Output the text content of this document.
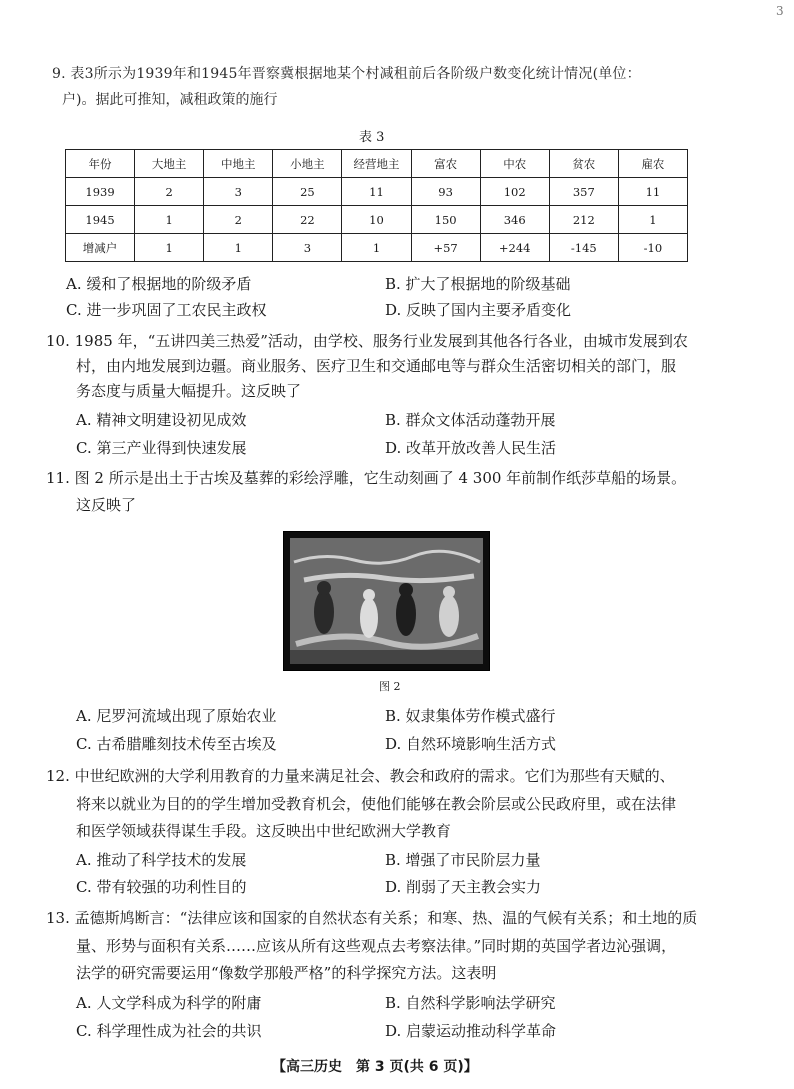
3
9. 表3所示为1939年和1945年晋察冀根据地某个村减租前后各阶级户数变化统计情况(单位：
户)。据此可推知，减租政策的施行
表 3
年份	大地主	中地主	小地主	经营地主	富农	中农	贫农	雇农
1939	2	3	25	11	93	102	357	11
1945	1	2	22	10	150	346	212	1
增减户	1	1	3	1	+57	+244	-145	-10
A. 缓和了根据地的阶级矛盾	B. 扩大了根据地的阶级基础
C. 进一步巩固了工农民主政权	D. 反映了国内主要矛盾变化
10. 1985 年，“五讲四美三热爱”活动，由学校、服务行业发展到其他各行各业，由城市发展到农
村，由内地发展到边疆。商业服务、医疗卫生和交通邮电等与群众生活密切相关的部门，服
务态度与质量大幅提升。这反映了
A. 精神文明建设初见成效	B. 群众文体活动蓬勃开展
C. 第三产业得到快速发展	D. 改革开放改善人民生活
11. 图 2 所示是出土于古埃及墓葬的彩绘浮雕，它生动刻画了 4 300 年前制作纸莎草船的场景。
这反映了
图 2
A. 尼罗河流域出现了原始农业	B. 奴隶集体劳作模式盛行
C. 古希腊雕刻技术传至古埃及	D. 自然环境影响生活方式
12. 中世纪欧洲的大学利用教育的力量来满足社会、教会和政府的需求。它们为那些有天赋的、
将来以就业为目的的学生增加受教育机会，使他们能够在教会阶层或公民政府里，或在法律
和医学领域获得谋生手段。这反映出中世纪欧洲大学教育
A. 推动了科学技术的发展	B. 增强了市民阶层力量
C. 带有较强的功利性目的	D. 削弱了天主教会实力
13. 孟德斯鸠断言：“法律应该和国家的自然状态有关系；和寒、热、温的气候有关系；和土地的质
量、形势与面积有关系……应该从所有这些观点去考察法律。”同时期的英国学者边沁强调，
法学的研究需要运用“像数学那般严格”的科学探究方法。这表明
A. 人文学科成为科学的附庸	B. 自然科学影响法学研究
C. 科学理性成为社会的共识	D. 启蒙运动推动科学革命
【高三历史　第 3 页(共 6 页)】
